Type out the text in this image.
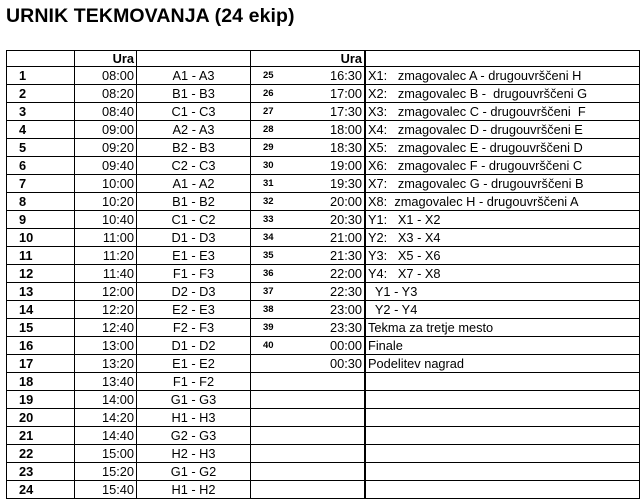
URNIK TEKMOVANJA (24 ekip)
	Ura		Ura		
1	08:00	A1 - A3	25 16:30		X1:   zmagovalec A - drugouvrščeni H
2	08:20	B1 - B3	26 17:00		X2:   zmagovalec B -  drugouvrščeni G
3	08:40	C1 - C3	27 17:30		X3:   zmagovalec C - drugouvrščeni  F
4	09:00	A2 - A3	28 18:00		X4:   zmagovalec D - drugouvrščeni E
5	09:20	B2 - B3	29 18:30		X5:   zmagovalec E - drugouvrščeni D
6	09:40	C2 - C3	30 19:00		X6:   zmagovalec F - drugouvrščeni C
7	10:00	A1 - A2	31 19:30		X7:   zmagovalec G - drugouvrščeni B
8	10:20	B1 - B2	32 20:00		X8:  zmagovalec H - drugouvrščeni A
9	10:40	C1 - C2	33 20:30		Y1:   X1 - X2
10	11:00	D1 - D3	34 21:00		Y2:   X3 - X4
11	11:20	E1 - E3	35 21:30		Y3:   X5 - X6
12	11:40	F1 - F3	36 22:00		Y4:   X7 - X8
13	12:00	D2 - D3	37 22:30		Y1 - Y3
14	12:20	E2 - E3	38 23:00		Y2 - Y4
15	12:40	F2 - F3	39 23:30		Tekma za tretje mesto
16	13:00	D1 - D2	40 00:00		Finale
17	13:20	E1 - E2	00:30		Podelitev nagrad
18	13:40	F1 - F2	

19	14:00	G1 - G3	

20	14:20	H1 - H3	

21	14:40	G2 - G3	

22	15:00	H2 - H3	

23	15:20	G1 - G2	

24	15:40	H1 - H2	
